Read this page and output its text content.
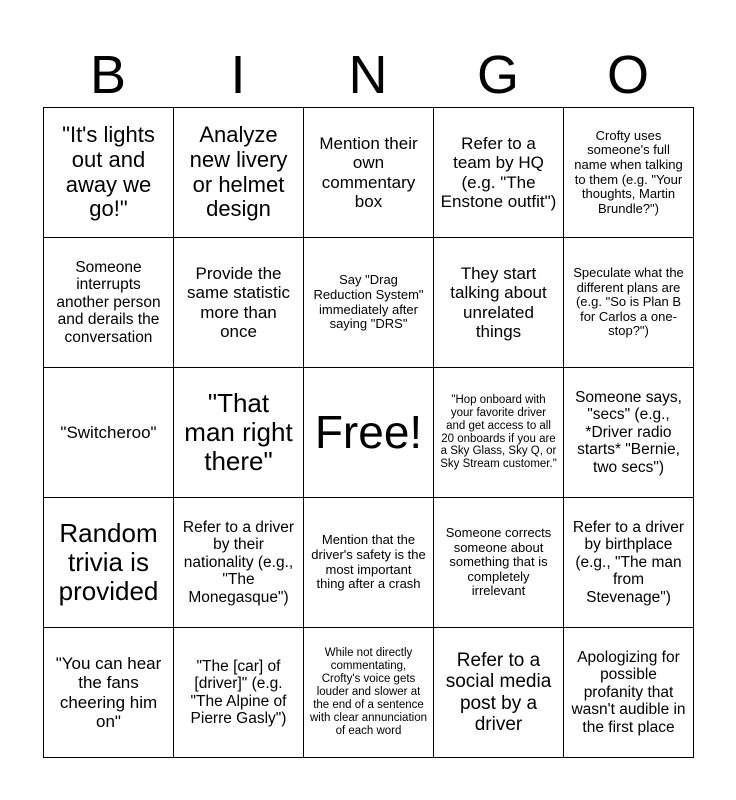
B	I	N	G	O
"It's lights out and away we go!"	Analyze new livery or helmet design	Mention their own commentary box	Refer to a team by HQ (e.g. "The Enstone outfit")	Crofty uses someone's full name when talking to them (e.g. "Your thoughts, Martin Brundle?")
Someone interrupts another person and derails the conversation	Provide the same statistic more than once	Say "Drag Reduction System" immediately after saying "DRS"	They start talking about unrelated things	Speculate what the different plans are (e.g. "So is Plan B for Carlos a one-stop?")
"Switcheroo"	"That man right there"	Free!	"Hop onboard with your favorite driver and get access to all 20 onboards if you are a Sky Glass, Sky Q, or Sky Stream customer."	Someone says, "secs" (e.g., *Driver radio starts* "Bernie, two secs")
Random trivia is provided	Refer to a driver by their nationality (e.g., "The Monegasque")	Mention that the driver's safety is the most important thing after a crash	Someone corrects someone about something that is completely irrelevant	Refer to a driver by birthplace (e.g., "The man from Stevenage")
"You can hear the fans cheering him on"	"The [car] of [driver]" (e.g. "The Alpine of Pierre Gasly")	While not directly commentating, Crofty's voice gets louder and slower at the end of a sentence with clear annunciation of each word	Refer to a social media post by a driver	Apologizing for possible profanity that wasn't audible in the first place
